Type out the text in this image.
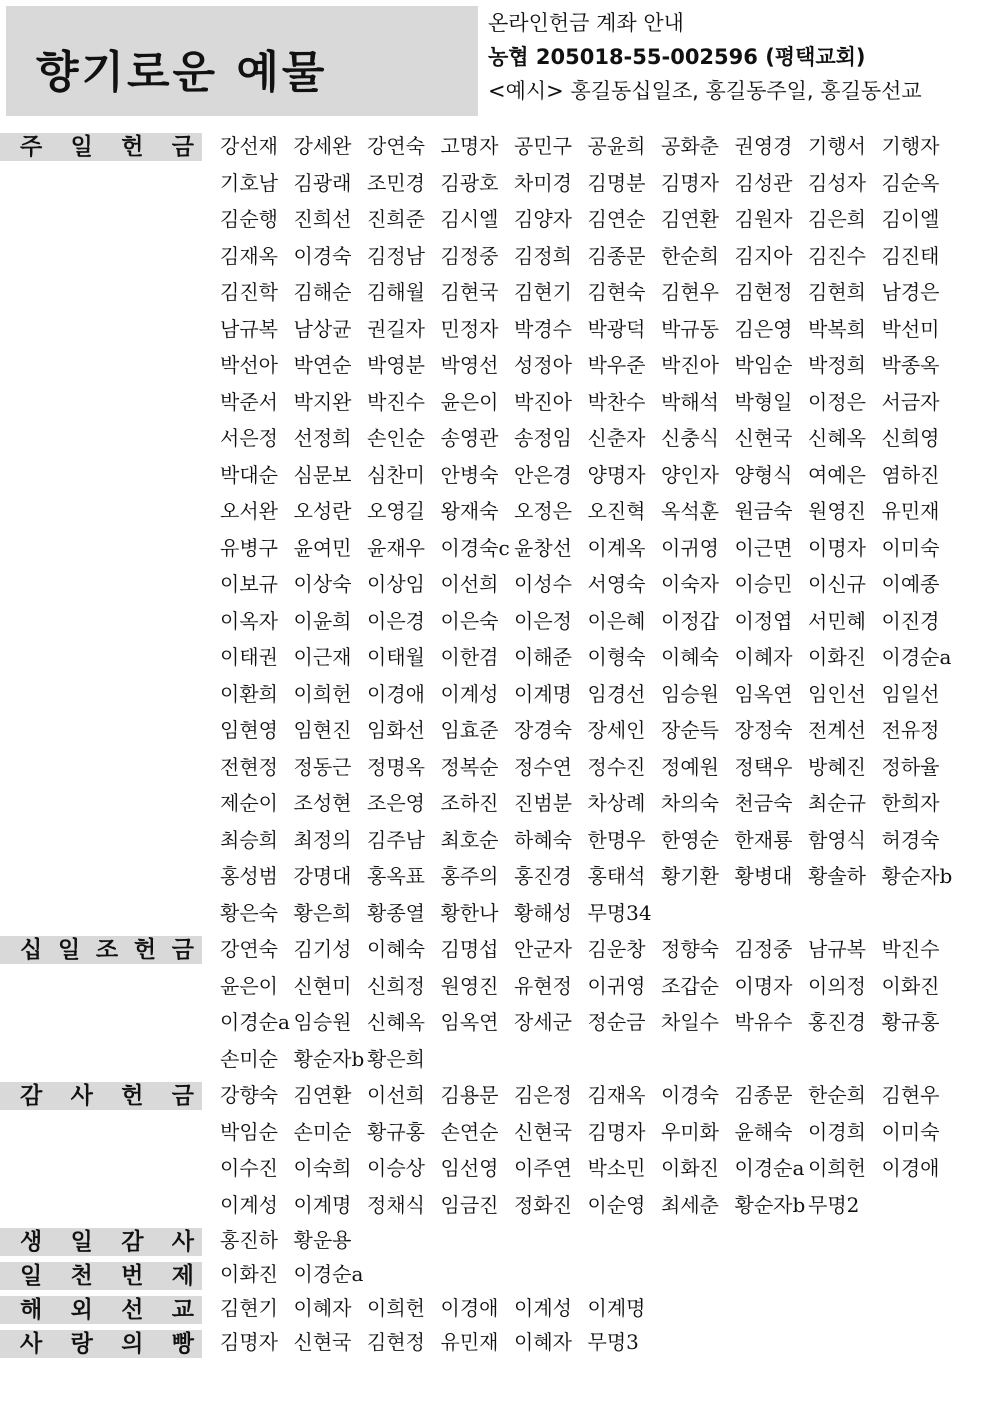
향기로운 예물
온라인헌금 계좌 안내
농협 205018-55-002596 (평택교회)
<예시> 홍길동십일조, 홍길동주일, 홍길동선교
주 일 헌 금 강선재 강세완 강연숙 고명자 공민구 공윤희 공화춘 권영경 기행서 기행자기호남 김광래 조민경 김광호 차미경 김명분 김명자 김성관 김성자 김순옥김순행 진희선 진희준 김시엘 김양자 김연순 김연환 김원자 김은희 김이엘김재옥 이경숙 김정남 김정중 김정희 김종문 한순희 김지아 김진수 김진태김진학 김해순 김해월 김현국 김현기 김현숙 김현우 김현정 김현희 남경은남규복 남상균 권길자 민정자 박경수 박광덕 박규동 김은영 박복희 박선미박선아 박연순 박영분 박영선 성정아 박우준 박진아 박임순 박정희 박종옥박준서 박지완 박진수 윤은이 박진아 박찬수 박해석 박형일 이정은 서금자서은정 선정희 손인순 송영관 송정임 신춘자 신충식 신현국 신혜옥 신희영박대순 심문보 심찬미 안병숙 안은경 양명자 양인자 양형식 여예은 염하진오서완 오성란 오영길 왕재숙 오정은 오진혁 옥석훈 원금숙 원영진 유민재유병구 윤여민 윤재우 이경숙c 윤창선 이계옥 이귀영 이근면 이명자 이미숙이보규 이상숙 이상임 이선희 이성수 서영숙 이숙자 이승민 이신규 이예종이옥자 이윤희 이은경 이은숙 이은정 이은혜 이정갑 이정엽 서민혜 이진경이태권 이근재 이태월 이한겸 이해준 이형숙 이혜숙 이혜자 이화진 이경순a이환희 이희헌 이경애 이계성 이계명 임경선 임승원 임옥연 임인선 임일선임현영 임현진 임화선 임효준 장경숙 장세인 장순득 장정숙 전계선 전유정전현정 정동근 정명옥 정복순 정수연 정수진 정예원 정택우 방혜진 정하율제순이 조성현 조은영 조하진 진범분 차상례 차의숙 천금숙 최순규 한희자최승희 최정의 김주남 최호순 하혜숙 한명우 한영순 한재룡 함영식 허경숙홍성범 강명대 홍옥표 홍주의 홍진경 홍태석 황기환 황병대 황솔하 황순자b황은숙 황은희 황종열 황한나 황해성 무명34
십 일 조 헌 금 강연숙 김기성 이혜숙 김명섭 안군자 김운창 정향숙 김정중 남규복 박진수윤은이 신현미 신희정 원영진 유현정 이귀영 조갑순 이명자 이의정 이화진이경순a 임승원 신혜옥 임옥연 장세군 정순금 차일수 박유수 홍진경 황규홍손미순 황순자b 황은희
감 사 헌 금 강향숙 김연환 이선희 김용문 김은정 김재옥 이경숙 김종문 한순희 김현우박임순 손미순 황규홍 손연순 신현국 김명자 우미화 윤해숙 이경희 이미숙이수진 이숙희 이승상 임선영 이주연 박소민 이화진 이경순a 이희헌 이경애이계성 이계명 정채식 임금진 정화진 이순영 최세춘 황순자b 무명2
생 일 감 사 홍진하 황운용
일 천 번 제 이화진 이경순a
해 외 선 교 김현기 이혜자 이희헌 이경애 이계성 이계명
사 랑 의 빵 김명자 신현국 김현정 유민재 이혜자 무명3
